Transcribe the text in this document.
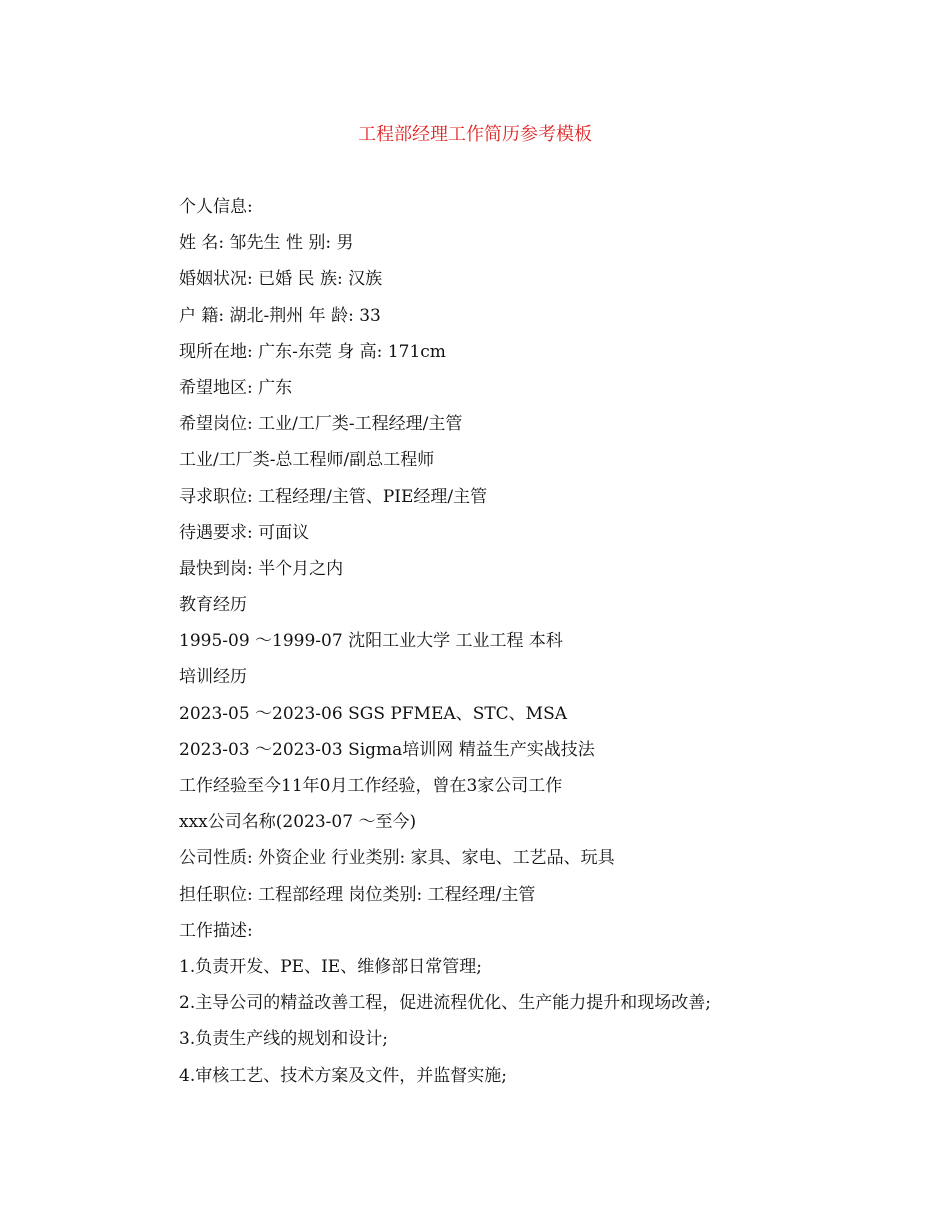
工程部经理工作简历参考模板
个人信息:
姓 名: 邹先生 性 别: 男
婚姻状况: 已婚 民 族: 汉族
户 籍: 湖北-荆州 年 龄: 33
现所在地: 广东-东莞 身 高: 171cm
希望地区: 广东
希望岗位: 工业/工厂类-工程经理/主管
工业/工厂类-总工程师/副总工程师
寻求职位: 工程经理/主管、PIE经理/主管
待遇要求: 可面议
最快到岗: 半个月之内
教育经历
1995-09 ～1999-07 沈阳工业大学 工业工程 本科
培训经历
2023-05 ～2023-06 SGS PFMEA、STC、MSA
2023-03 ～2023-03 Sigma培训网 精益生产实战技法
工作经验至今11年0月工作经验，曾在3家公司工作
xxx公司名称(2023-07 ～至今)
公司性质: 外资企业 行业类别: 家具、家电、工艺品、玩具
担任职位: 工程部经理 岗位类别: 工程经理/主管
工作描述:
1.负责开发、PE、IE、维修部日常管理;
2.主导公司的精益改善工程，促进流程优化、生产能力提升和现场改善;
3.负责生产线的规划和设计;
4.审核工艺、技术方案及文件，并监督实施;
